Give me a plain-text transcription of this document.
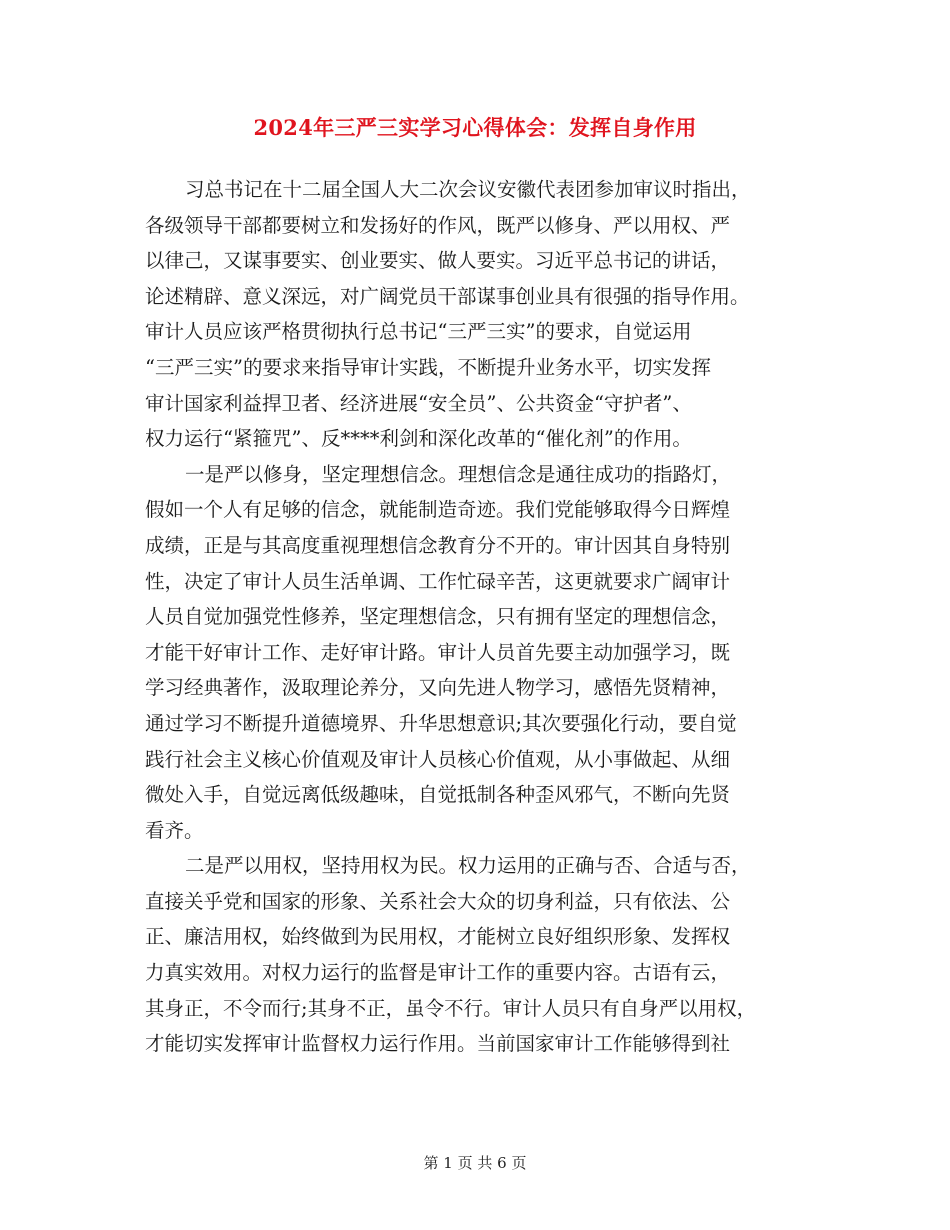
2024年三严三实学习心得体会：发挥自身作用
习总书记在十二届全国人大二次会议安徽代表团参加审议时指出，
各级领导干部都要树立和发扬好的作风，既严以修身、严以用权、严
以律己，又谋事要实、创业要实、做人要实。习近平总书记的讲话，
论述精辟、意义深远，对广阔党员干部谋事创业具有很强的指导作用。
审计人员应该严格贯彻执行总书记“三严三实”的要求，自觉运用
“三严三实”的要求来指导审计实践，不断提升业务水平，切实发挥
审计国家利益捍卫者、经济进展“安全员”、公共资金“守护者”、
权力运行“紧箍咒”、反****利剑和深化改革的“催化剂”的作用。
一是严以修身，坚定理想信念。理想信念是通往成功的指路灯，
假如一个人有足够的信念，就能制造奇迹。我们党能够取得今日辉煌
成绩，正是与其高度重视理想信念教育分不开的。审计因其自身特别
性，决定了审计人员生活单调、工作忙碌辛苦，这更就要求广阔审计
人员自觉加强党性修养，坚定理想信念，只有拥有坚定的理想信念，
才能干好审计工作、走好审计路。审计人员首先要主动加强学习，既
学习经典著作，汲取理论养分，又向先进人物学习，感悟先贤精神，
通过学习不断提升道德境界、升华思想意识;其次要强化行动，要自觉
践行社会主义核心价值观及审计人员核心价值观，从小事做起、从细
微处入手，自觉远离低级趣味，自觉抵制各种歪风邪气，不断向先贤
看齐。
二是严以用权，坚持用权为民。权力运用的正确与否、合适与否，
直接关乎党和国家的形象、关系社会大众的切身利益，只有依法、公
正、廉洁用权，始终做到为民用权，才能树立良好组织形象、发挥权
力真实效用。对权力运行的监督是审计工作的重要内容。古语有云，
其身正，不令而行;其身不正，虽令不行。审计人员只有自身严以用权，
才能切实发挥审计监督权力运行作用。当前国家审计工作能够得到社
第 1 页 共 6 页
